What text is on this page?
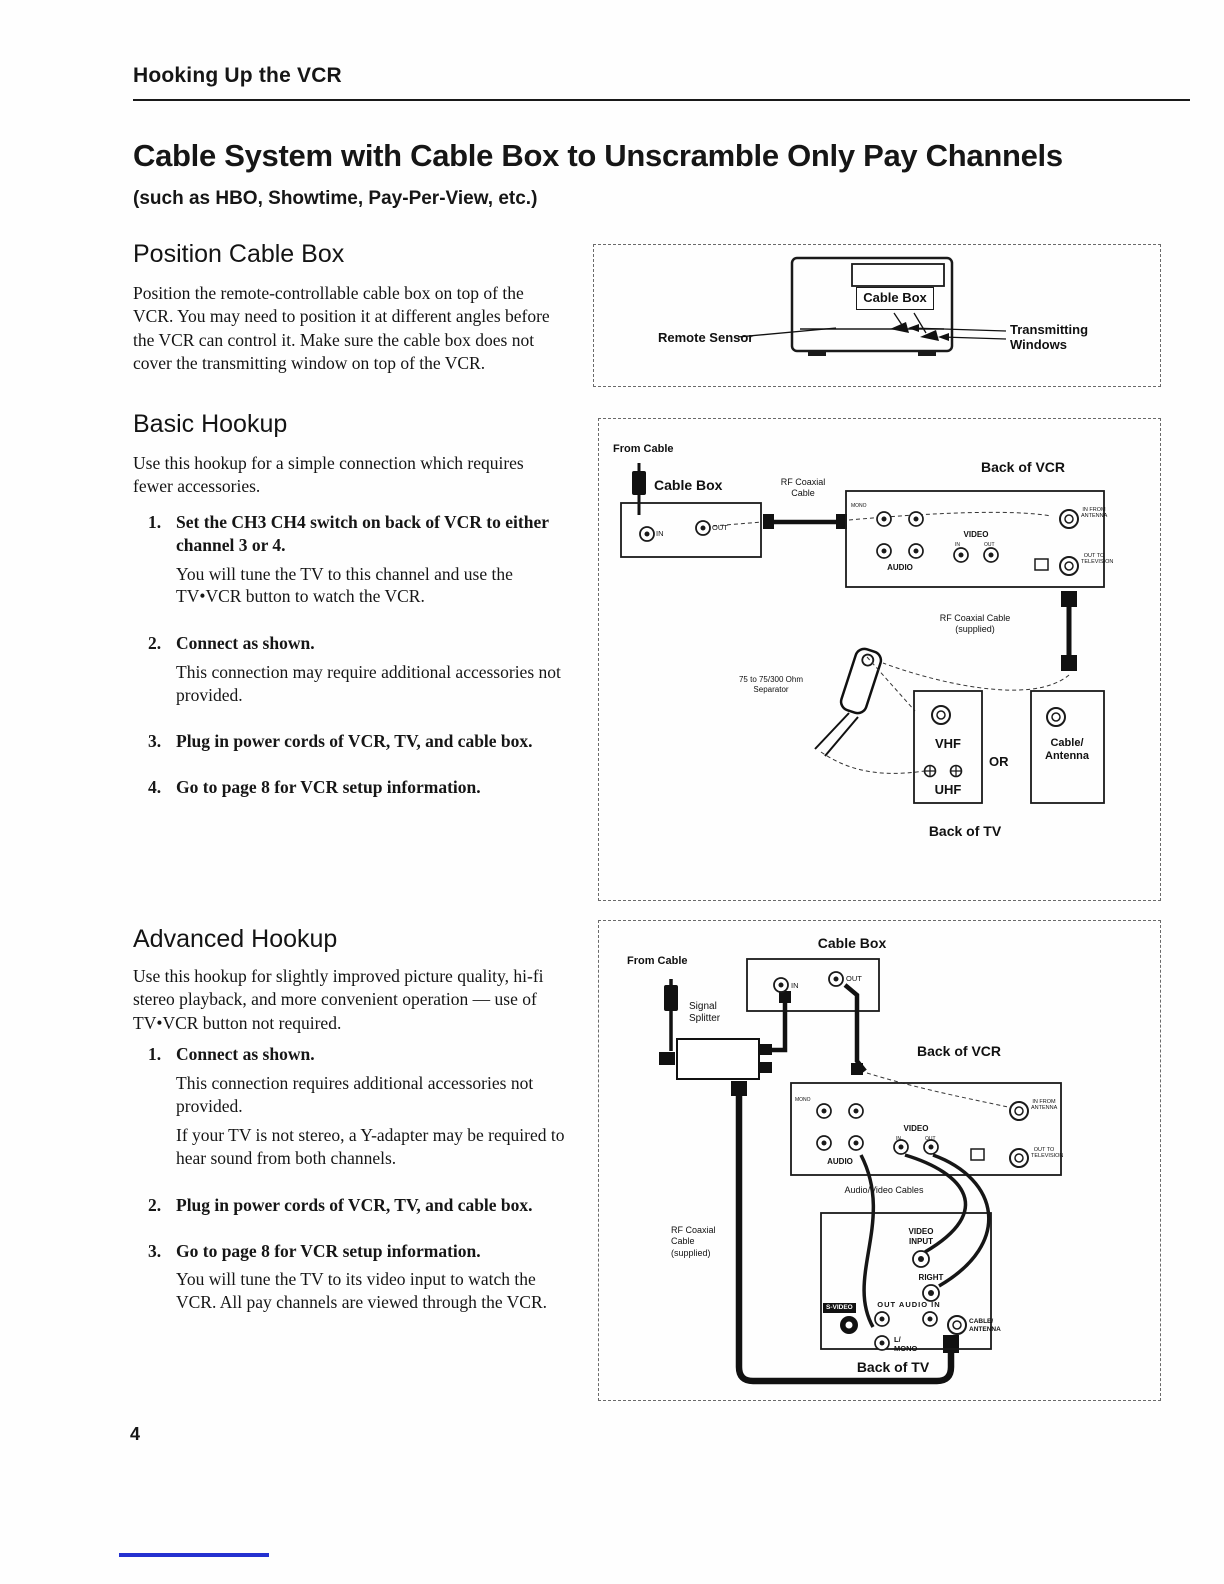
Hooking Up the VCR
Cable System with Cable Box to Unscramble Only Pay Channels
(such as HBO, Showtime, Pay-Per-View, etc.)
Position Cable Box
Position the remote-controllable cable box on top of the VCR. You may need to position it at different angles before the VCR can control it. Make sure the cable box does not cover the transmitting window on top of the VCR.
Basic Hookup
Use this hookup for a simple connection which requires fewer accessories.
1. Set the CH3 CH4 switch on back of VCR to either channel 3 or 4.
You will tune the TV to this channel and use the TV•VCR button to watch the VCR.
2. Connect as shown.
This connection may require additional accessories not provided.
3. Plug in power cords of VCR, TV, and cable box.
4. Go to page 8 for VCR setup information.
Advanced Hookup
Use this hookup for slightly improved picture quality, hi-fi stereo playback, and more convenient operation — use of TV•VCR button not required.
1. Connect as shown.
This connection requires additional accessories not provided.
If your TV is not stereo, a Y-adapter may be required to hear sound from both channels.
2. Plug in power cords of VCR, TV, and cable box.
3. Go to page 8 for VCR setup information.
You will tune the TV to its video input to watch the VCR. All pay channels are viewed through the VCR.
Cable Box
Remote Sensor
Transmitting Windows
From Cable
Cable Box	RF Coaxial Cable
Back of VCR
IN
OUT
MONO
VIDEO
IN	OUT
AUDIO
IN FROM ANTENNA
OUT TO TELEVISION
RF Coaxial Cable (supplied)
75 to 75/300 Ohm Separator
VHF
UHF
OR
Cable/ Antenna
Back of TV
Cable Box
From Cable
Signal Splitter
IN
OUT
Back of VCR
MONO
VIDEO
IN	OUT
AUDIO
IN FROM ANTENNA
OUT TO TELEVISION
Audio/Video Cables
RF Coaxial Cable (supplied)
VIDEO INPUT
RIGHT
OUT AUDIO IN
S-VIDEO
L/ MONO
CABLE/ ANTENNA
Back of TV
4
